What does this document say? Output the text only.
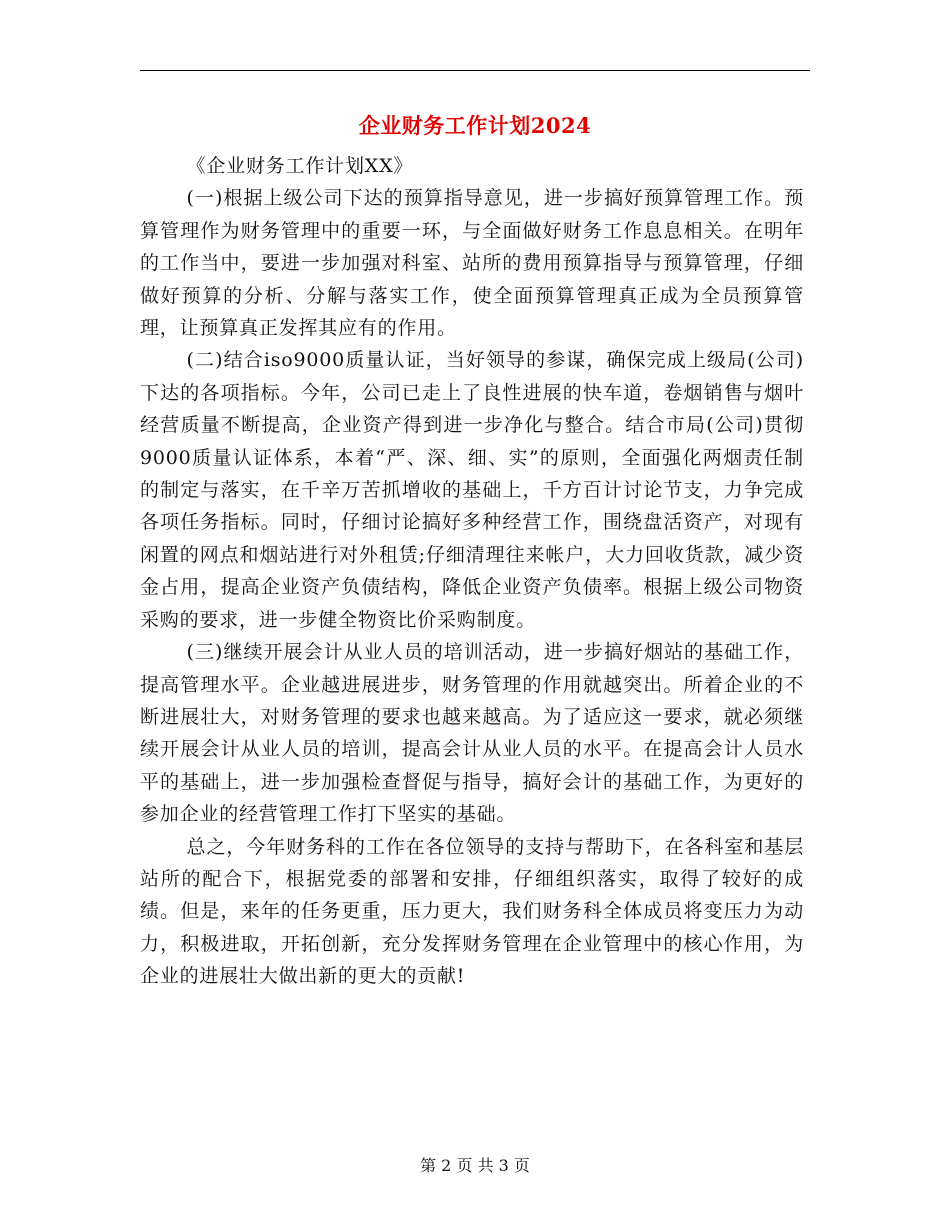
企业财务工作计划2024

《企业财务工作计划XX》

(一)根据上级公司下达的预算指导意见，进一步搞好预算管理工作。预算管理作为财务管理中的重要一环，与全面做好财务工作息息相关。在明年的工作当中，要进一步加强对科室、站所的费用预算指导与预算管理，仔细做好预算的分析、分解与落实工作，使全面预算管理真正成为全员预算管理，让预算真正发挥其应有的作用。

(二)结合iso9000质量认证，当好领导的参谋，确保完成上级局(公司)下达的各项指标。今年，公司已走上了良性进展的快车道，卷烟销售与烟叶经营质量不断提高，企业资产得到进一步净化与整合。结合市局(公司)贯彻9000质量认证体系，本着“严、深、细、实”的原则，全面强化两烟责任制的制定与落实，在千辛万苦抓增收的基础上，千方百计讨论节支，力争完成各项任务指标。同时，仔细讨论搞好多种经营工作，围绕盘活资产，对现有闲置的网点和烟站进行对外租赁;仔细清理往来帐户，大力回收货款，减少资金占用，提高企业资产负债结构，降低企业资产负债率。根据上级公司物资采购的要求，进一步健全物资比价采购制度。

(三)继续开展会计从业人员的培训活动，进一步搞好烟站的基础工作，提高管理水平。企业越进展进步，财务管理的作用就越突出。所着企业的不断进展壮大，对财务管理的要求也越来越高。为了适应这一要求，就必须继续开展会计从业人员的培训，提高会计从业人员的水平。在提高会计人员水平的基础上，进一步加强检查督促与指导，搞好会计的基础工作，为更好的参加企业的经营管理工作打下坚实的基础。

总之，今年财务科的工作在各位领导的支持与帮助下，在各科室和基层站所的配合下，根据党委的部署和安排，仔细组织落实，取得了较好的成绩。但是，来年的任务更重，压力更大，我们财务科全体成员将变压力为动力，积极进取，开拓创新，充分发挥财务管理在企业管理中的核心作用，为企业的进展壮大做出新的更大的贡献!

第 2 页 共 3 页
